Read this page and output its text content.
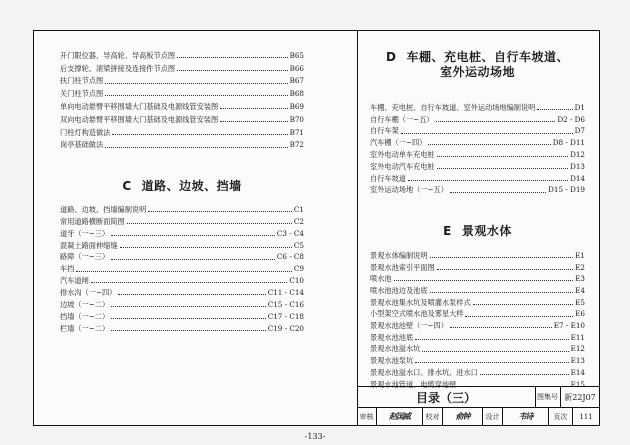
开门限位器、导高轮、导高板节点图	B65
后支撑轮、滚梁拼接及连接件节点图	B66
扶门柱节点图	B67
关门柱节点图	B68
单向电动悬臂平移围墙大门基础及电源线管安装图	B69
双向电动悬臂平移围墙大门基础及电源线管安装图	B70
门柱灯构造做法	B71
岗亭基础做法	B72
C 道路、边坡、挡墙
道路、边坡、挡墙编制说明	C1
常用道路横断面简图	C2
道牙（一~三）	C3 - C4
混凝土路面伸缩缝	C5
路障（一~三）	C6 - C8
车挡	C9
汽车道闸	C10
排水沟（一~四）	C11 - C14
边坡（一~二）	C15 - C16
挡墙（一~二）	C17 - C18
栏墙（一~二）	C19 - C20
D 车棚、充电桩、自行车坡道、
室外运动场地
车棚、充电桩、自行车坡道、室外运动场地编制说明	D1
自行车棚（一~五）	D2 - D6
自行车架	D7
汽车棚（一~四）	D8 - D11
室外电动单车充电桩	D12
室外电动汽车充电桩	D13
自行车坡道	D14
室外运动场地（一~五）	D15 - D19
E 景观水体
景观水体编制说明	E1
景观水池索引平面图	E2
喷水池	E3
喷水池池边及池底	E4
景观水池集水坑及喷灌水泵样式	E5
小型架空式喷水池及雾星大样	E6
景观水池池壁（一~四）	E7 - E10
景观水池池底	E11
景观水池溢水坑	E12
景观水池泵坑	E13
景观水池溢水口、排水坑、进水口	E14
景观水池管道、电缆穿池壁	E15
目录（三）	图集号 新22J07
审核	赵国威	校对	俞钟	设计	韦诗	页次	111
-133-
